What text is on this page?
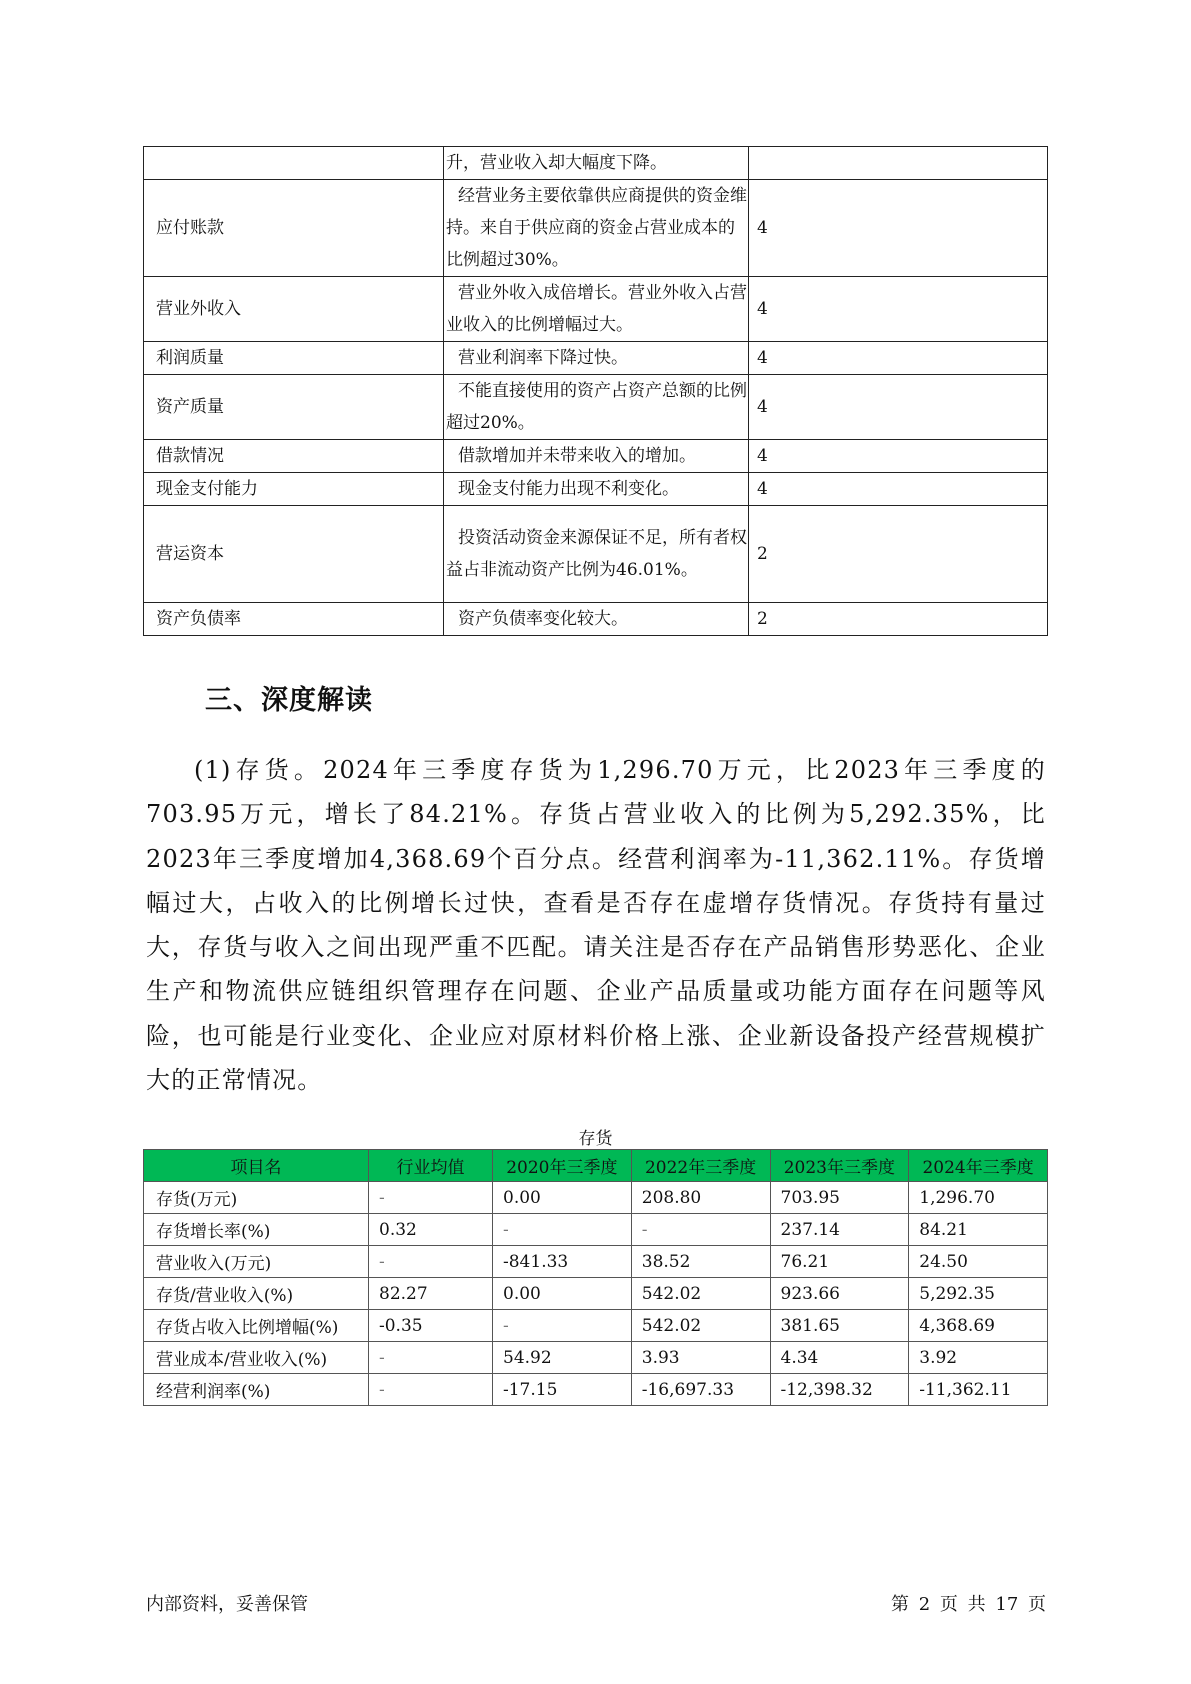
	升，营业收入却大幅度下降。	
应付账款	经营业务主要依靠供应商提供的资金维持。来自于供应商的资金占营业成本的比例超过30%。	4
营业外收入	营业外收入成倍增长。营业外收入占营业收入的比例增幅过大。	4
利润质量	营业利润率下降过快。	4
资产质量	不能直接使用的资产占资产总额的比例超过20%。	4
借款情况	借款增加并未带来收入的增加。	4
现金支付能力	现金支付能力出现不利变化。	4
营运资本	投资活动资金来源保证不足，所有者权益占非流动资产比例为46.01%。	2
资产负债率	资产负债率变化较大。	2
三、深度解读

(1)存货。2024年三季度存货为1,296.70万元，比2023年三季度的703.95万元，增长了84.21%。存货占营业收入的比例为5,292.35%，比2023年三季度增加4,368.69个百分点。经营利润率为-11,362.11%。存货增幅过大，占收入的比例增长过快，查看是否存在虚增存货情况。存货持有量过大，存货与收入之间出现严重不匹配。请关注是否存在产品销售形势恶化、企业生产和物流供应链组织管理存在问题、企业产品质量或功能方面存在问题等风险，也可能是行业变化、企业应对原材料价格上涨、企业新设备投产经营规模扩大的正常情况。

存货
项目名	行业均值	2020年三季度	2022年三季度	2023年三季度	2024年三季度
存货(万元)	-	0.00	208.80	703.95	1,296.70
存货增长率(%)	0.32	-	-	237.14	84.21
营业收入(万元)	-	-841.33	38.52	76.21	24.50
存货/营业收入(%)	82.27	0.00	542.02	923.66	5,292.35
存货占收入比例增幅(%)	-0.35	-	542.02	381.65	4,368.69
营业成本/营业收入(%)	-	54.92	3.93	4.34	3.92
经营利润率(%)	-	-17.15	-16,697.33	-12,398.32	-11,362.11
内部资料，妥善保管	第 2 页 共 17 页
